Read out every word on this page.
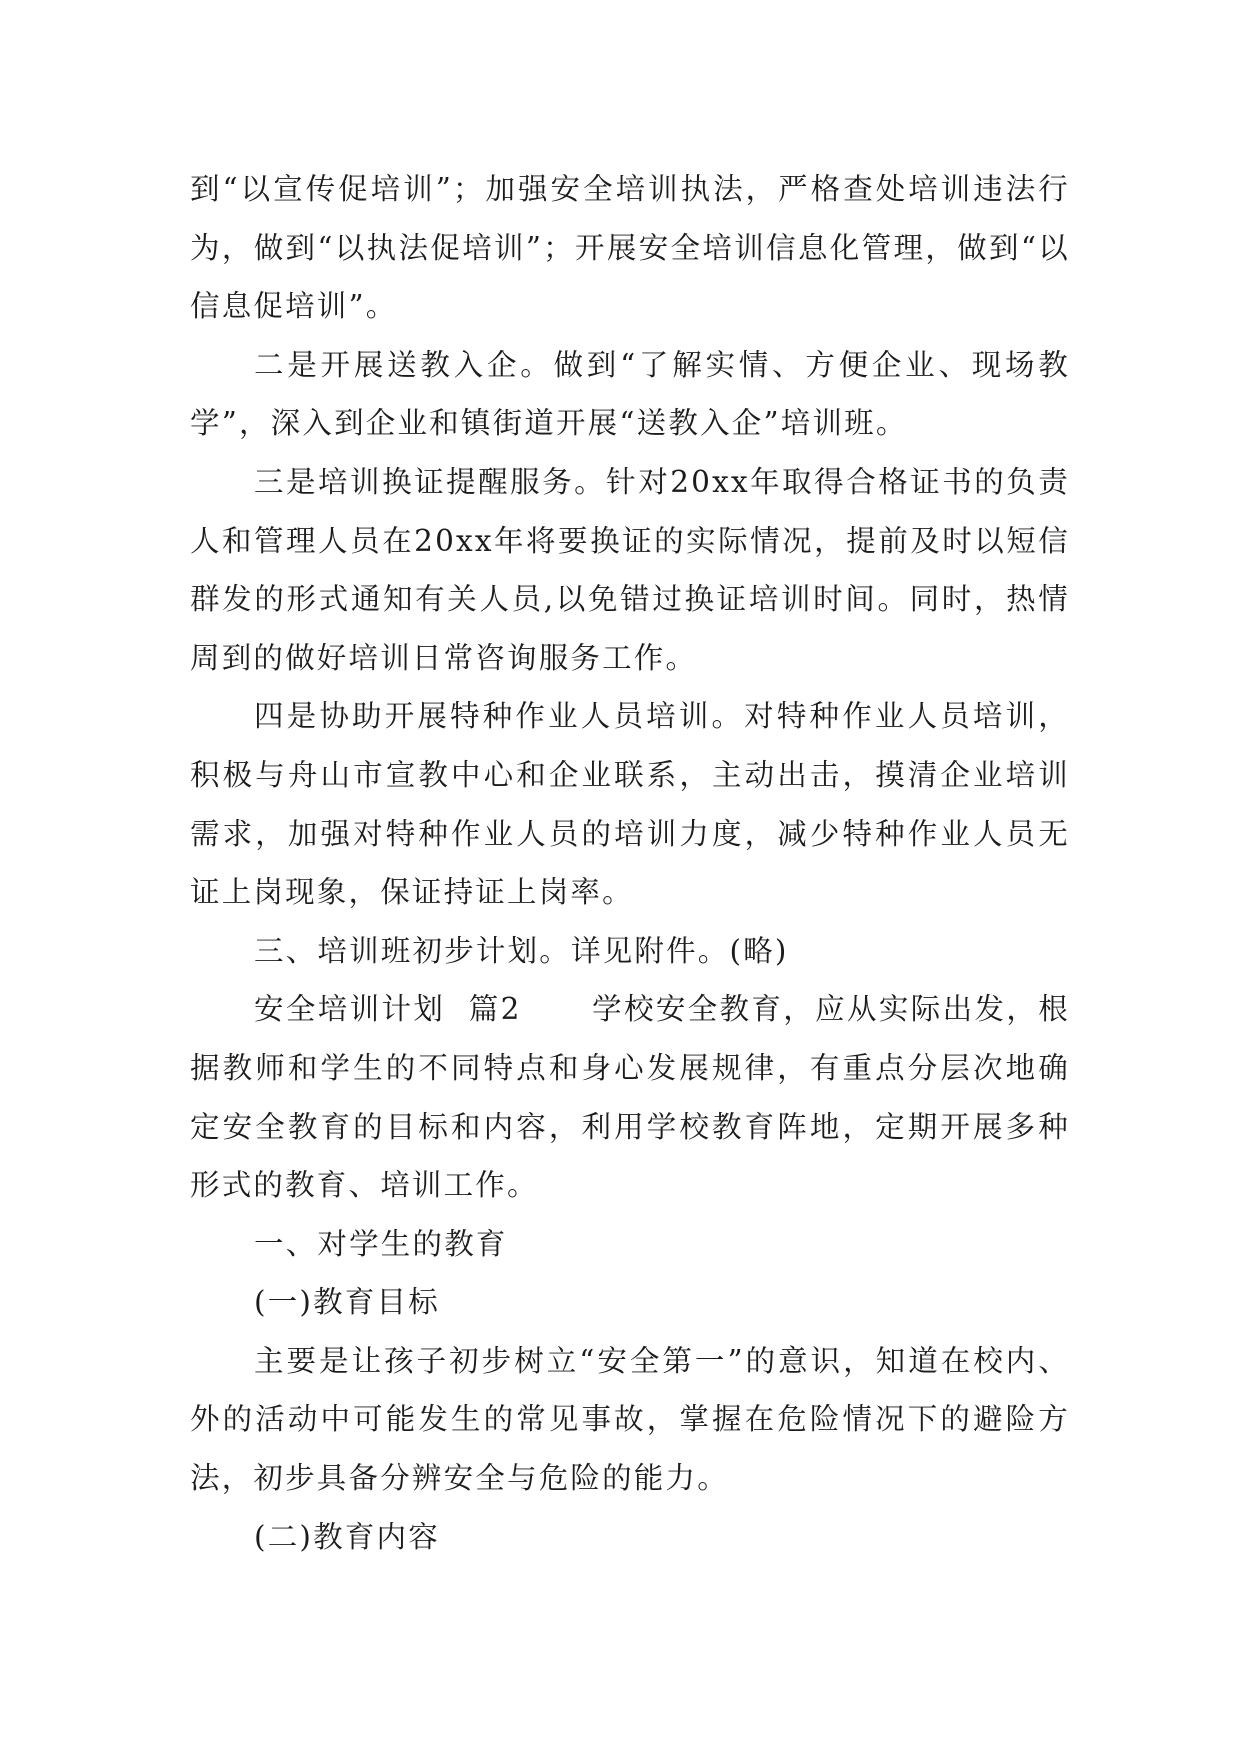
到“以宣传促培训”；加强安全培训执法，严格查处培训违法行为，做到“以执法促培训”；开展安全培训信息化管理，做到“以信息促培训”。

二是开展送教入企。做到“了解实情、方便企业、现场教学”，深入到企业和镇街道开展“送教入企”培训班。

三是培训换证提醒服务。针对20xx年取得合格证书的负责人和管理人员在20xx年将要换证的实际情况，提前及时以短信群发的形式通知有关人员,以免错过换证培训时间。同时，热情周到的做好培训日常咨询服务工作。

四是协助开展特种作业人员培训。对特种作业人员培训，积极与舟山市宣教中心和企业联系，主动出击，摸清企业培训需求，加强对特种作业人员的培训力度，减少特种作业人员无证上岗现象，保证持证上岗率。

三、培训班初步计划。详见附件。(略)

安全培训计划  篇2      学校安全教育，应从实际出发，根据教师和学生的不同特点和身心发展规律，有重点分层次地确定安全教育的目标和内容，利用学校教育阵地，定期开展多种形式的教育、培训工作。

一、对学生的教育

(一)教育目标

主要是让孩子初步树立“安全第一”的意识，知道在校内、外的活动中可能发生的常见事故，掌握在危险情况下的避险方法，初步具备分辨安全与危险的能力。

(二)教育内容
